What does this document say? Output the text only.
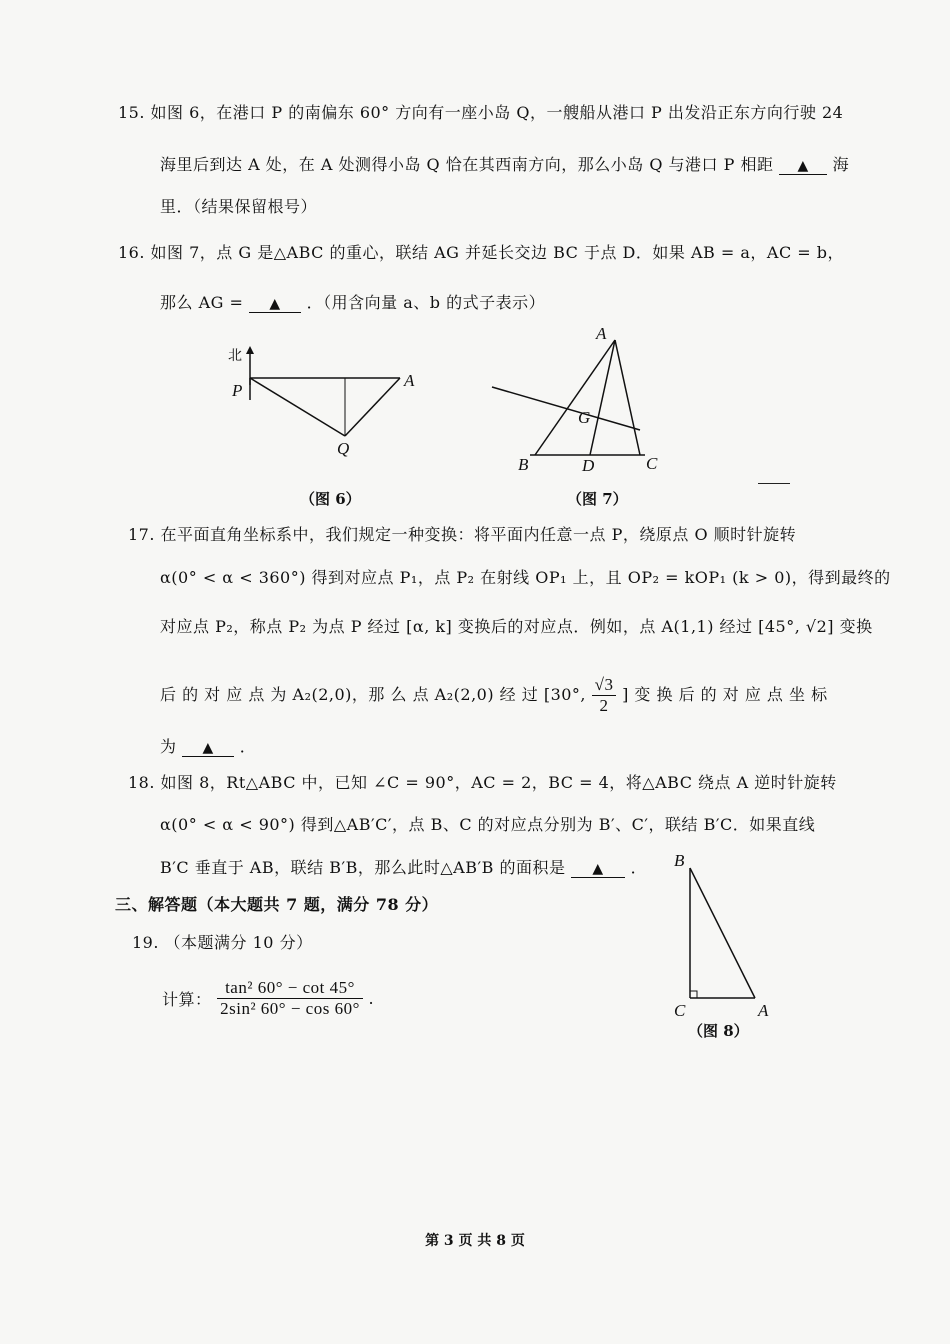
15. 如图 6，在港口 P 的南偏东 60° 方向有一座小岛 Q，一艘船从港口 P 出发沿正东方向行驶 24
海里后到达 A 处，在 A 处测得小岛 Q 恰在其西南方向，那么小岛 Q 与港口 P 相距 ▲ 海
里．（结果保留根号）
16. 如图 7，点 G 是△ABC 的重心，联结 AG 并延长交边 BC 于点 D．如果 AB = a，AC = b，
那么 AG = ▲ ．（用含向量 a、b 的式子表示）
北
P
A
Q
（图 6）
A
B	D	C
G
（图 7）
17. 在平面直角坐标系中，我们规定一种变换：将平面内任意一点 P，绕原点 O 顺时针旋转
α(0° < α < 360°) 得到对应点 P₁，点 P₂ 在射线 OP₁ 上，且 OP₂ = kOP₁ (k > 0)，得到最终的
对应点 P₂，称点 P₂ 为点 P 经过 [α, k] 变换后的对应点．例如，点 A(1,1) 经过 [45°, √2] 变换
后 的 对 应 点 为 A₂(2,0)，那 么 点 A₂(2,0) 经 过 [30°, $\frac{√3}{2}$ ] 变 换 后 的 对 应 点 坐 标
为 ▲ ．
18. 如图 8，Rt△ABC 中，已知 ∠C = 90°，AC = 2，BC = 4，将△ABC 绕点 A 逆时针旋转
α(0° < α < 90°) 得到△AB′C′，点 B、C 的对应点分别为 B′、C′，联结 B′C．如果直线
B′C 垂直于 AB，联结 B′B，那么此时△AB′B 的面积是 ▲ ． B
C	A
（图 8）
三、解答题（本大题共 7 题，满分 78 分）
19. （本题满分 10 分）
计算： $\frac{\text{tan² 60° − cot 45°}}{\text{2sin² 60° − cos 60°}}$ .
第 3 页 共 8 页
